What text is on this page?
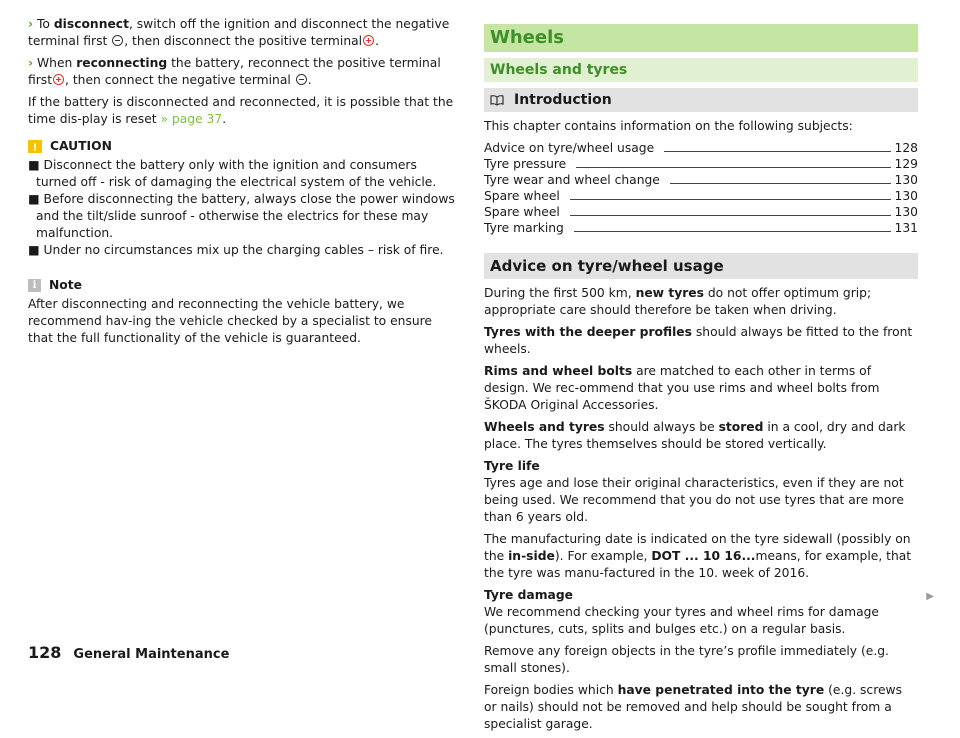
› To disconnect, switch off the ignition and disconnect the negative terminal first , then disconnect the positive terminal .
› When reconnecting the battery, reconnect the positive terminal first , then connect the negative terminal .
If the battery is disconnected and reconnected, it is possible that the time dis-play is reset » page 37.
! CAUTION
■ Disconnect the battery only with the ignition and consumers turned off - risk of damaging the electrical system of the vehicle.
■ Before disconnecting the battery, always close the power windows and the tilt/slide sunroof - otherwise the electrics for these may malfunction.
■ Under no circumstances mix up the charging cables – risk of fire.
i	Note
After disconnecting and reconnecting the vehicle battery, we recommend hav-ing the vehicle checked by a specialist to ensure that the full functionality of the vehicle is guaranteed.
Wheels
Wheels and tyres
Introduction
This chapter contains information on the following subjects:
Advice on tyre/wheel usage	128
Tyre pressure	129
Tyre wear and wheel change	130
Spare wheel	130
Spare wheel	130
Tyre marking	131
Advice on tyre/wheel usage
During the first 500 km, new tyres do not offer optimum grip; appropriate care should therefore be taken when driving.
Tyres with the deeper profiles should always be fitted to the front wheels.
Rims and wheel bolts are matched to each other in terms of design. We rec-ommend that you use rims and wheel bolts from ŠKODA Original Accessories.
Wheels and tyres should always be stored in a cool, dry and dark place. The tyres themselves should be stored vertically.
Tyre life
Tyres age and lose their original characteristics, even if they are not being used. We recommend that you do not use tyres that are more than 6 years old.
The manufacturing date is indicated on the tyre sidewall (possibly on the in-side). For example, DOT ... 10 16...means, for example, that the tyre was manu-factured in the 10. week of 2016.
Tyre damage
We recommend checking your tyres and wheel rims for damage (punctures, cuts, splits and bulges etc.) on a regular basis.
Remove any foreign objects in the tyre’s profile immediately (e.g. small stones).
Foreign bodies which have penetrated into the tyre (e.g. screws or nails) should not be removed and help should be sought from a specialist garage.
▶
128 General Maintenance
